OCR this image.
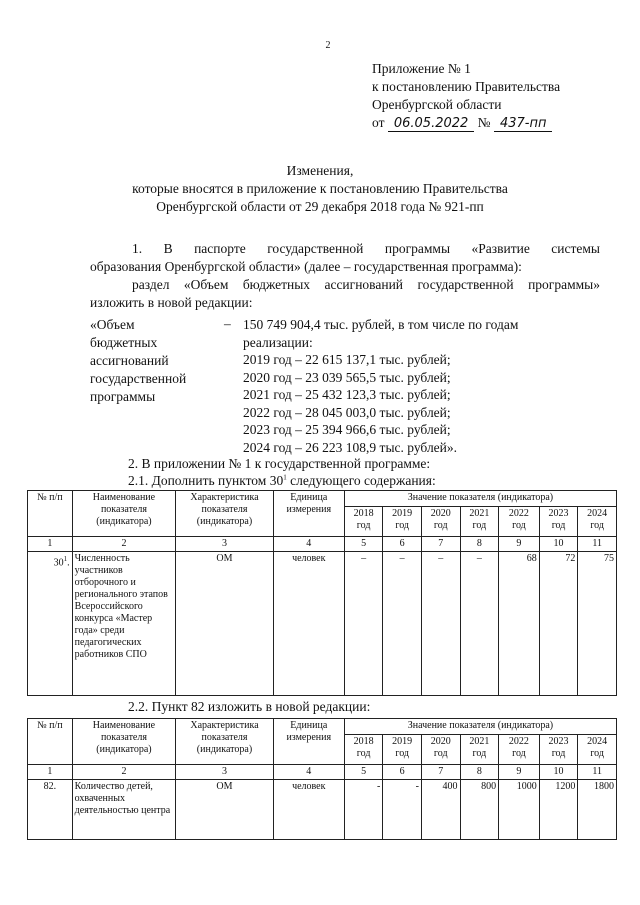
2
Приложение № 1
к постановлению Правительства
Оренбургской области
от 06.05.2022 № 437-пп
Изменения,
которые вносятся в приложение к постановлению Правительства
Оренбургской области от 29 декабря 2018 года № 921-пп
1. В паспорте государственной программы «Развитие системы
образования Оренбургской области» (далее – государственная программа):
раздел «Объем бюджетных ассигнований государственной программы»
изложить в новой редакции:
«Объем
бюджетных
ассигнований
государственной
программы
– 150 749 904,4 тыс. рублей, в том числе по годам
реализации:
2019 год – 22 615 137,1 тыс. рублей;
2020 год – 23 039 565,5 тыс. рублей;
2021 год – 25 432 123,3 тыс. рублей;
2022 год – 28 045 003,0 тыс. рублей;
2023 год – 25 394 966,6 тыс. рублей;
2024 год – 26 223 108,9 тыс. рублей».
2. В приложении № 1 к государственной программе:
2.1. Дополнить пунктом $30^1$ следующего содержания:
№ п/п	Наименование показателя (индикатора)	Характеристика показателя (индикатора)	Единица измерения	Значение показателя (индикатора)						
				2018 год	2019 год	2020 год	2021 год	2022 год	2023 год	2024 год
1	2	3	4	5	6	7	8	9	10	11
$30^1$.	Численность участников отборочного и регионального этапов Всероссийского конкурса «Мастер года» среди педагогических работников СПО	ОМ	человек	–	–	–	–	68	72	75
2.2. Пункт 82 изложить в новой редакции:
№ п/п	Наименование показателя (индикатора)	Характеристика показателя (индикатора)	Единица измерения	Значение показателя (индикатора)						
				2018 год	2019 год	2020 год	2021 год	2022 год	2023 год	2024 год
1	2	3	4	5	6	7	8	9	10	11
82.	Количество детей, охваченных деятельностью центра	ОМ	человек	-	-	400	800	1000	1200	1800
